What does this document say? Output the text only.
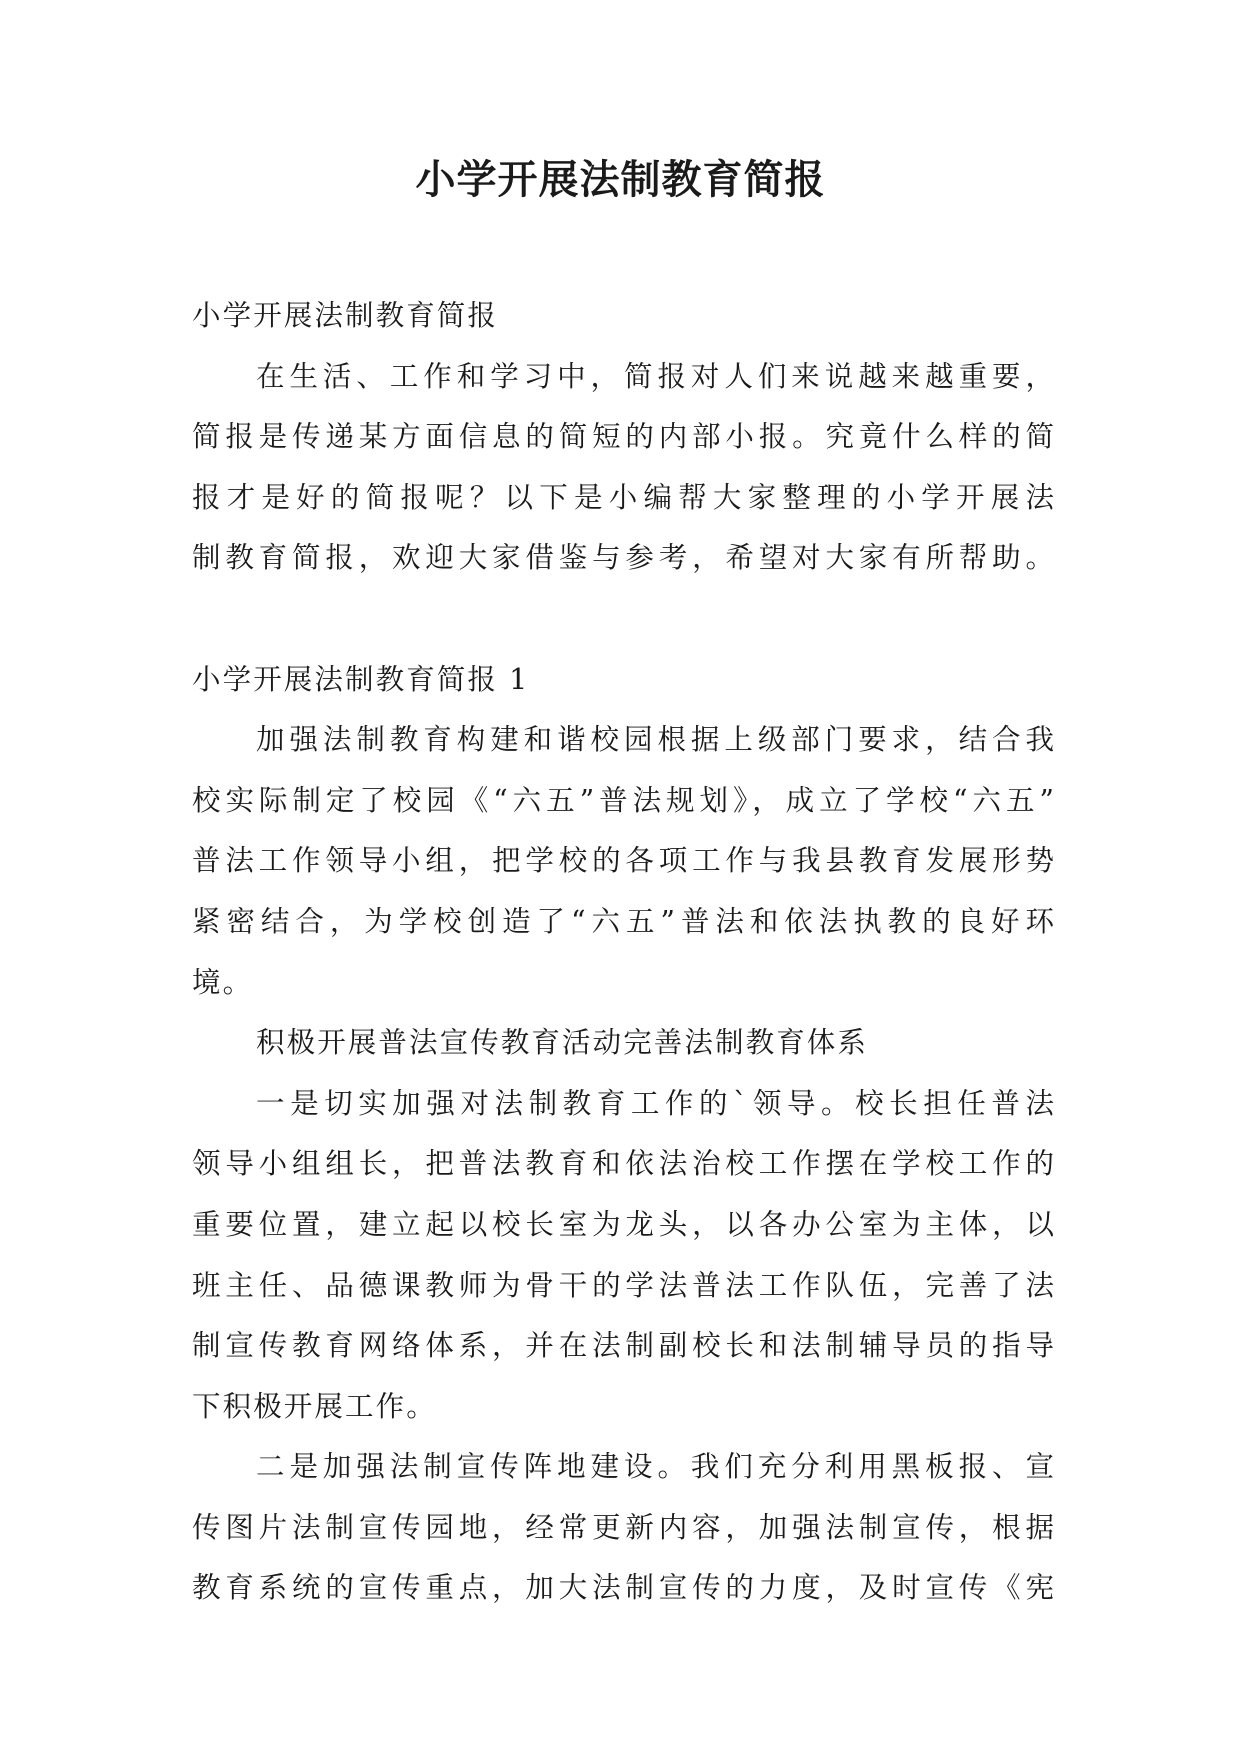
小学开展法制教育简报
小学开展法制教育简报
在生活、工作和学习中，简报对人们来说越来越重要，
简报是传递某方面信息的简短的内部小报。究竟什么样的简
报才是好的简报呢？以下是小编帮大家整理的小学开展法
制教育简报，欢迎大家借鉴与参考，希望对大家有所帮助。
小学开展法制教育简报 1
加强法制教育构建和谐校园根据上级部门要求，结合我
校实际制定了校园《“六五”普法规划》，成立了学校“六五”
普法工作领导小组，把学校的各项工作与我县教育发展形势
紧密结合，为学校创造了“六五”普法和依法执教的良好环
境。
积极开展普法宣传教育活动完善法制教育体系
一是切实加强对法制教育工作的`领导。校长担任普法
领导小组组长，把普法教育和依法治校工作摆在学校工作的
重要位置，建立起以校长室为龙头，以各办公室为主体，以
班主任、品德课教师为骨干的学法普法工作队伍，完善了法
制宣传教育网络体系，并在法制副校长和法制辅导员的指导
下积极开展工作。
二是加强法制宣传阵地建设。我们充分利用黑板报、宣
传图片法制宣传园地，经常更新内容，加强法制宣传，根据
教育系统的宣传重点，加大法制宣传的力度，及时宣传《宪
